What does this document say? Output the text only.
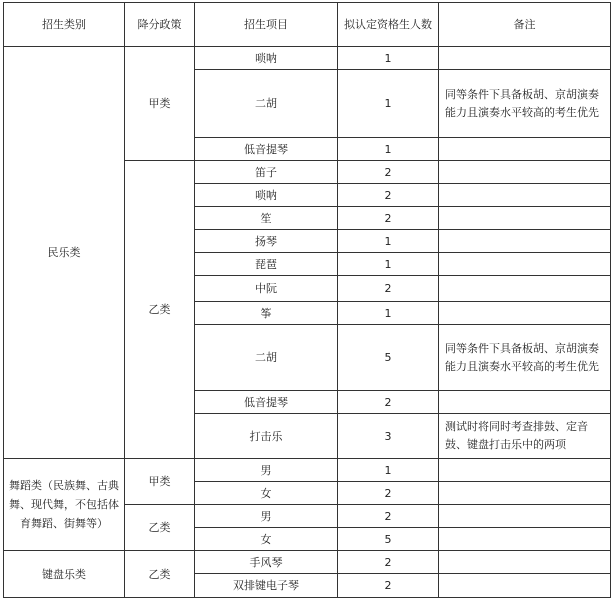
招生类别	降分政策	招生项目	拟认定资格生人数	备注
民乐类	甲类	唢呐	1	
		二胡	1	同等条件下具备板胡、京胡演奏能力且演奏水平较高的考生优先
		低音提琴	1	
	乙类	笛子	2	
		唢呐	2	
		笙	2	
		扬琴	1	
		琵琶	1	
		中阮	2	
		筝	1	
		二胡	5	同等条件下具备板胡、京胡演奏能力且演奏水平较高的考生优先
		低音提琴	2	
		打击乐	3	测试时将同时考查排鼓、定音鼓、键盘打击乐中的两项
舞蹈类（民族舞、古典舞、现代舞，不包括体育舞蹈、街舞等）	甲类	男	1	
		女	2	
	乙类	男	2	
		女	5	
键盘乐类	乙类	手风琴	2	
		双排键电子琴	2	
